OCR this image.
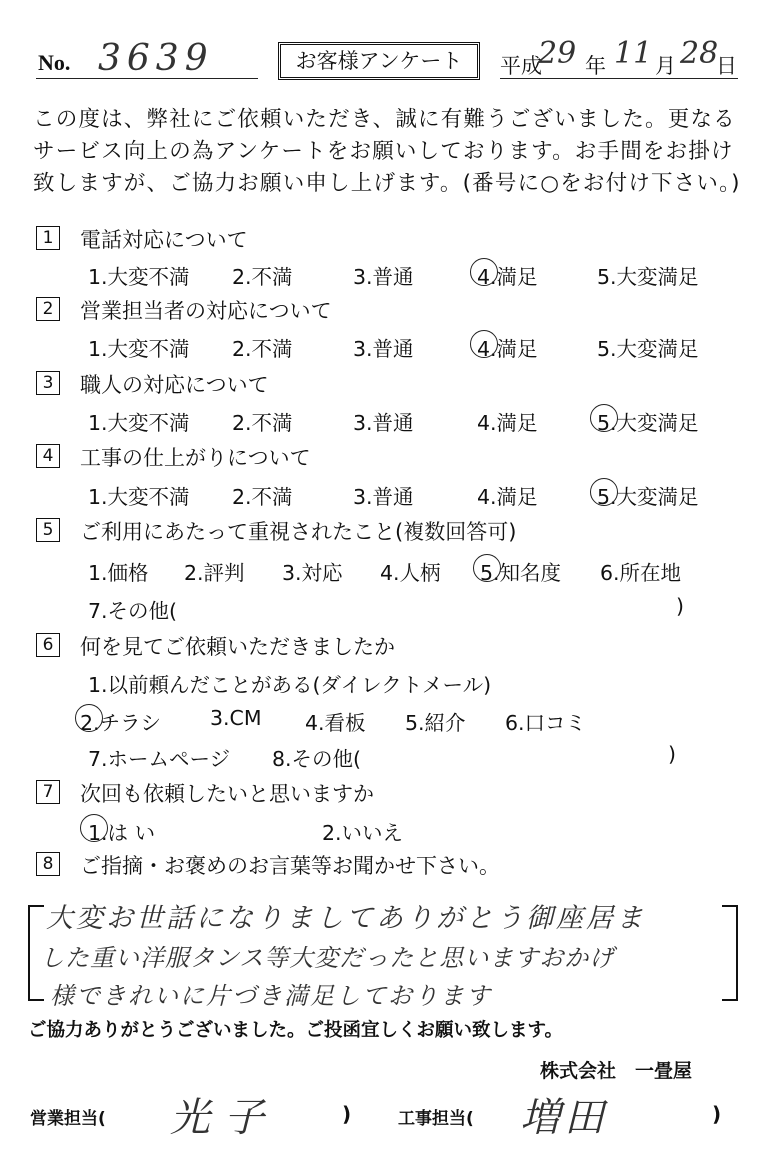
No. 3639	お客様アンケート	平成
29 年 11 月 28
日
この度は、弊社にご依頼いただき、誠に有難うございました。更なる
サービス向上の為アンケートをお願いしております。お手間をお掛け
致しますが、ご協力お願い申し上げます。(番号に○をお付け下さい。)
1	電話対応について
1.大変不満 2.不満	3.普通	4.満足	5.大変満足
2	営業担当者の対応について
1.大変不満 2.不満	3.普通	4.満足	5.大変満足
3	職人の対応について
1.大変不満 2.不満	3.普通	4.満足	5.大変満足
4	工事の仕上がりについて
1.大変不満 2.不満	3.普通	4.満足	5.大変満足
5	ご利用にあたって重視されたこと(複数回答可)
1.価格 2.評判 3.対応 4.人柄 5.知名度 6.所在地
7.その他(	)
6	何を見てご依頼いただきましたか
1.以前頼んだことがある(ダイレクトメール)
2.チラシ 3.CM 4.看板 5.紹介 6.口コミ
7.ホームページ 8.その他(	)
7	次回も依頼したいと思いますか
1.は い	2.いいえ
8	ご指摘・お褒めのお言葉等お聞かせ下さい。
大変お世話になりましてありがとう御座居ま
した重い洋服タンス等大変だったと思いますおかげ
様できれいに片づき満足しております
ご協力ありがとうございました。ご投函宜しくお願い致します。
株式会社　一畳屋
営業担当( 光子	)	工事担当( 増田	)
